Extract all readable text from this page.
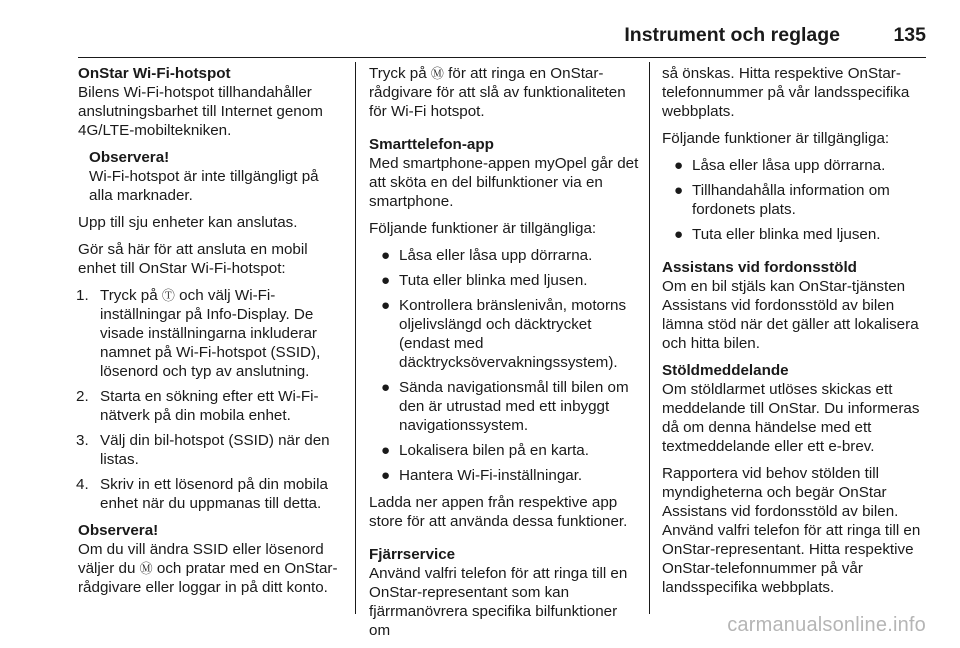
Instrument och reglage	135

OnStar Wi-Fi-hotspot
Bilens Wi-Fi-hotspot tillhandahåller anslutningsbarhet till Internet genom 4G/LTE-mobiltekniken.

Observera!
Wi-Fi-hotspot är inte tillgängligt på alla marknader.

Upp till sju enheter kan anslutas.

Gör så här för att ansluta en mobil enhet till OnStar Wi-Fi-hotspot:

1. Tryck på Ⓣ och välj Wi-Fi-inställningar på Info-Display. De visade inställningarna inkluderar namnet på Wi-Fi-hotspot (SSID), lösenord och typ av anslutning.
2. Starta en sökning efter ett Wi-Fi-nätverk på din mobila enhet.
3. Välj din bil-hotspot (SSID) när den listas.
4. Skriv in ett lösenord på din mobila enhet när du uppmanas till detta.

Observera!
Om du vill ändra SSID eller lösenord väljer du Ⓜ och pratar med en OnStar-rådgivare eller loggar in på ditt konto.

Tryck på Ⓜ för att ringa en OnStar-rådgivare för att slå av funktionaliteten för Wi-Fi hotspot.

Smarttelefon-app
Med smartphone-appen myOpel går det att sköta en del bilfunktioner via en smartphone.

Följande funktioner är tillgängliga:

● Låsa eller låsa upp dörrarna.
● Tuta eller blinka med ljusen.
● Kontrollera bränslenivån, motorns oljelivslängd och däcktrycket (endast med däcktrycksövervakningssystem).
● Sända navigationsmål till bilen om den är utrustad med ett inbyggt navigationssystem.
● Lokalisera bilen på en karta.
● Hantera Wi-Fi-inställningar.

Ladda ner appen från respektive app store för att använda dessa funktioner.

Fjärrservice
Använd valfri telefon för att ringa till en OnStar-representant som kan fjärrmanövrera specifika bilfunktioner om

så önskas. Hitta respektive OnStar-telefonnummer på vår landsspecifika webbplats.

Följande funktioner är tillgängliga:

● Låsa eller låsa upp dörrarna.
● Tillhandahålla information om fordonets plats.
● Tuta eller blinka med ljusen.

Assistans vid fordonsstöld
Om en bil stjäls kan OnStar-tjänsten Assistans vid fordonsstöld av bilen lämna stöd när det gäller att lokalisera och hitta bilen.

Stöldmeddelande
Om stöldlarmet utlöses skickas ett meddelande till OnStar. Du informeras då om denna händelse med ett textmeddelande eller ett e-brev.

Rapportera vid behov stölden till myndigheterna och begär OnStar Assistans vid fordonsstöld av bilen. Använd valfri telefon för att ringa till en OnStar-representant. Hitta respektive OnStar-telefonnummer på vår landsspecifika webbplats.

carmanualsonline.info
